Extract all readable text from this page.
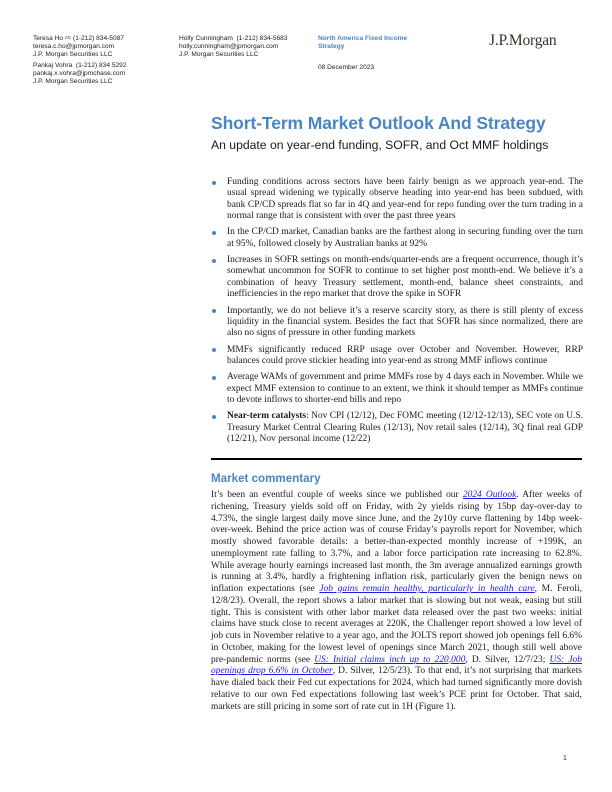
Teresa Ho $^{AC}$ (1-212) 834-5087
teresa.c.ho@jpmorgan.com
J.P. Morgan Securities LLC
Pankaj Vohra (1-212) 834 5292
pankaj.x.vohra@jpmchase.com
J.P. Morgan Securities LLC
Holly Cunningham (1-212) 834-5683
holly.cunningham@jpmorgan.com
J.P. Morgan Securities LLC
North America Fixed Income
Strategy
08 December 2023
J.P.Morgan
Short-Term Market Outlook And Strategy
An update on year-end funding, SOFR, and Oct MMF holdings
Funding conditions across sectors have been fairly benign as we approach year-end. The usual spread widening we typically observe heading into year-end has been subdued, with bank CP/CD spreads flat so far in 4Q and year-end for repo funding over the turn trading in a normal range that is consistent with over the past three years
In the CP/CD market, Canadian banks are the farthest along in securing funding over the turn at 95%, followed closely by Australian banks at 92%
Increases in SOFR settings on month-ends/quarter-ends are a frequent occurrence, though it’s somewhat uncommon for SOFR to continue to set higher post month-end. We believe it’s a combination of heavy Treasury settlement, month-end, balance sheet constraints, and inefficiencies in the repo market that drove the spike in SOFR
Importantly, we do not believe it’s a reserve scarcity story, as there is still plenty of excess liquidity in the financial system. Besides the fact that SOFR has since normalized, there are also no signs of pressure in other funding markets
MMFs significantly reduced RRP usage over October and November. However, RRP balances could prove stickier heading into year-end as strong MMF inflows continue
Average WAMs of government and prime MMFs rose by 4 days each in November. While we expect MMF extension to continue to an extent, we think it should temper as MMFs continue to devote inflows to shorter-end bills and repo
Near-term catalysts: Nov CPI (12/12), Dec FOMC meeting (12/12-12/13), SEC vote on U.S. Treasury Market Central Clearing Rules (12/13), Nov retail sales (12/14), 3Q final real GDP (12/21), Nov personal income (12/22)
Market commentary
It’s been an eventful couple of weeks since we published our 2024 Outlook. After weeks of richening, Treasury yields sold off on Friday, with 2y yields rising by 15bp day-over-day to 4.73%, the single largest daily move since June, and the 2y10y curve flattening by 14bp week-over-week. Behind the price action was of course Friday’s payrolls report for November, which mostly showed favorable details: a better-than-expected monthly increase of +199K, an unemployment rate falling to 3.7%, and a labor force participation rate increasing to 62.8%. While average hourly earnings increased last month, the 3m average annualized earnings growth is running at 3.4%, hardly a frightening inflation risk, particularly given the benign news on inflation expectations (see Job gains remain healthy, particularly in health care, M. Feroli, 12/8/23). Overall, the report shows a labor market that is slowing but not weak, easing but still tight. This is consistent with other labor market data released over the past two weeks: initial claims have stuck close to recent averages at 220K, the Challenger report showed a low level of job cuts in November relative to a year ago, and the JOLTS report showed job openings fell 6.6% in October, making for the lowest level of openings since March 2021, though still well above pre-pandemic norms (see US: Initial claims inch up to 220,000, D. Silver, 12/7/23; US: Job openings drop 6.6% in October, D. Silver, 12/5/23). To that end, it’s not surprising that markets have dialed back their Fed cut expectations for 2024, which had turned significantly more dovish relative to our own Fed expectations following last week’s PCE print for October. That said, markets are still pricing in some sort of rate cut in 1H (Figure 1).
1
